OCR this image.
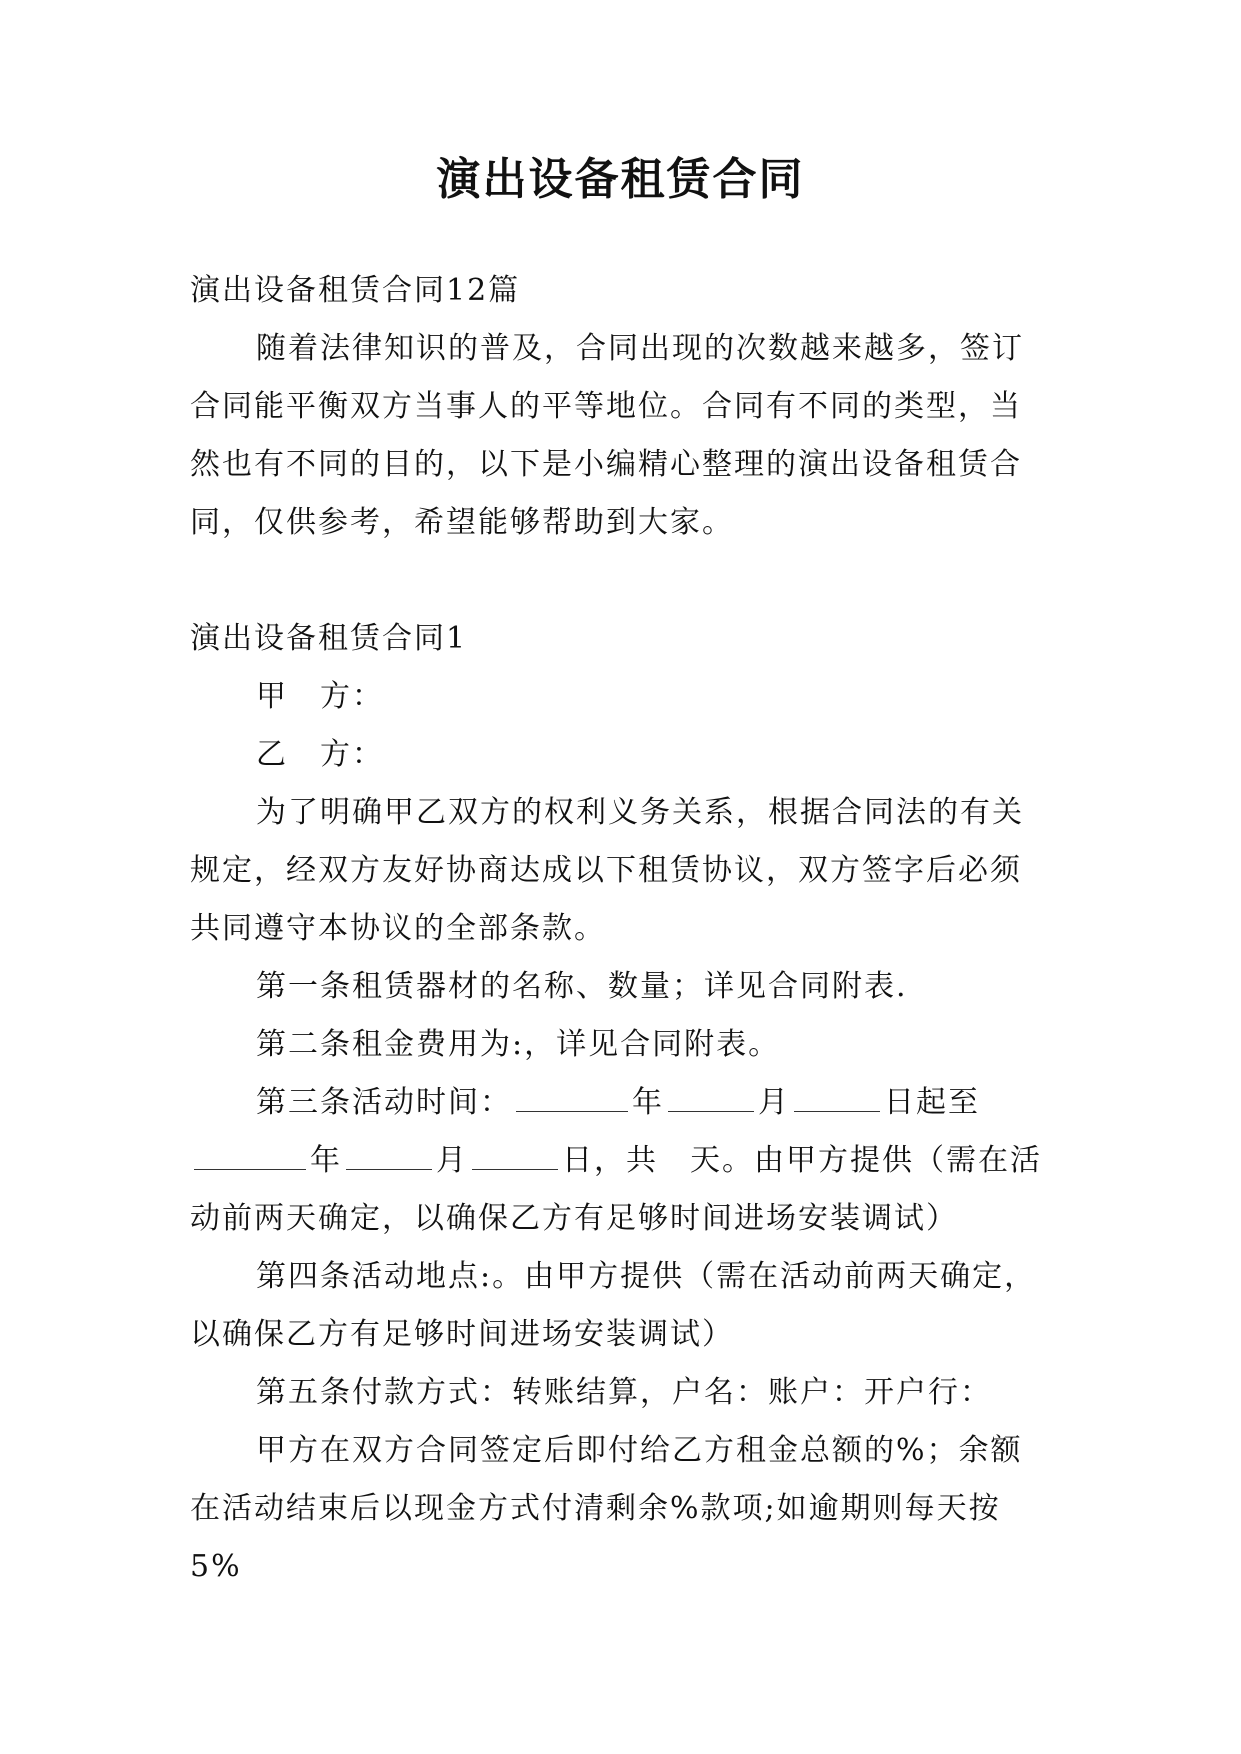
演出设备租赁合同

演出设备租赁合同12篇

随着法律知识的普及，合同出现的次数越来越多，签订合同能平衡双方当事人的平等地位。合同有不同的类型，当然也有不同的目的，以下是小编精心整理的演出设备租赁合同，仅供参考，希望能够帮助到大家。

演出设备租赁合同1

甲　方：

乙　方：

为了明确甲乙双方的权利义务关系，根据合同法的有关规定，经双方友好协商达成以下租赁协议，双方签字后必须共同遵守本协议的全部条款。

第一条租赁器材的名称、数量；详见合同附表.

第二条租金费用为:，详见合同附表。

第三条活动时间：	年	月	日起至年	月	日，共　天。由甲方提供（需在活动前两天确定，以确保乙方有足够时间进场安装调试）

第四条活动地点:。由甲方提供（需在活动前两天确定，以确保乙方有足够时间进场安装调试）

第五条付款方式：转账结算，户名：账户：开户行：

甲方在双方合同签定后即付给乙方租金总额的%；余额在活动结束后以现金方式付清剩余%款项;如逾期则每天按5%
